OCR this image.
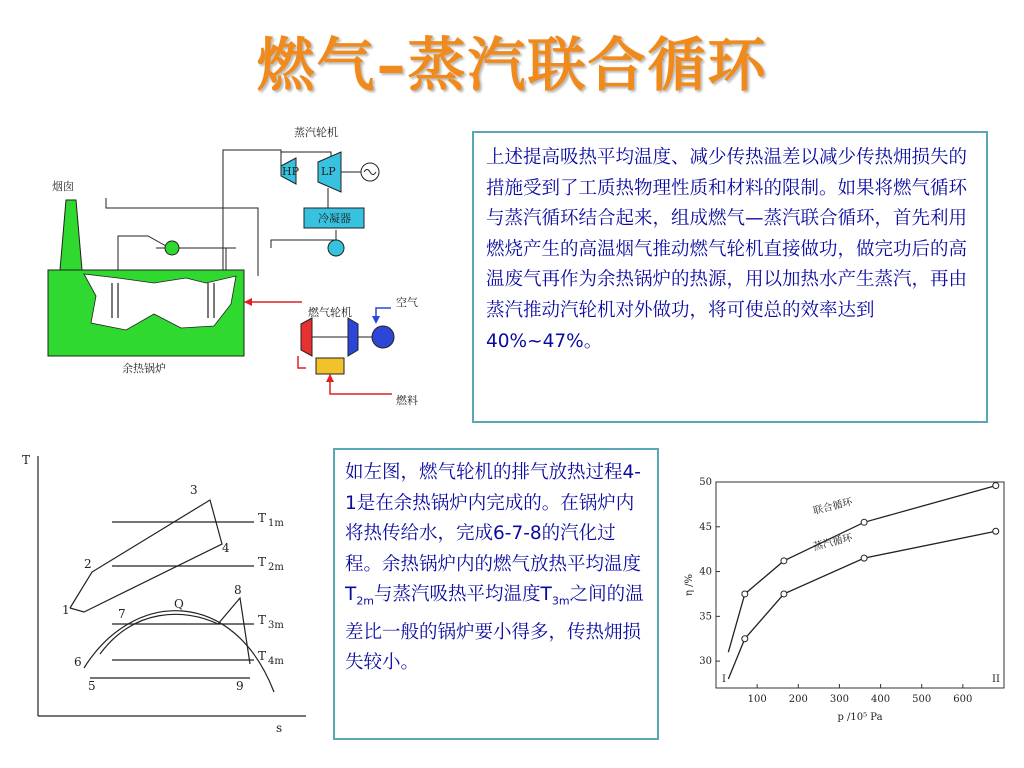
燃气–蒸汽联合循环
HP LP
蒸汽轮机
冷凝器
燃气轮机
空气
燃料
烟囱
余热锅炉

上述提高吸热平均温度、减少传热温差以减少传热㶲损失的措施受到了工质热物理性质和材料的限制。如果将燃气循环与蒸汽循环结合起来，组成燃气—蒸汽联合循环，首先利用燃烧产生的高温烟气推动燃气轮机直接做功，做完功后的高温废气再作为余热锅炉的热源，用以加热水产生蒸汽，再由蒸汽推动汽轮机对外做功，将可使总的效率达到40%~47%。

T
s
Q
1
2
3
4
5
6
7
8
9
T 1m
T 2m
T 3m
T 4m

如左图，燃气轮机的排气放热过程4-1是在余热锅炉内完成的。在锅炉内将热传给水，完成6-7-8的汽化过程。余热锅炉内的燃气放热平均温度$T_{2m}$与蒸汽吸热平均温度$T_{3m}$之间的温差比一般的锅炉要小得多，传热㶲损失较小。

100 200 300 400 500 600
30
35
40
45
50
p /10⁵ Pa
η /%
联合循环
蒸汽循环
I	II
